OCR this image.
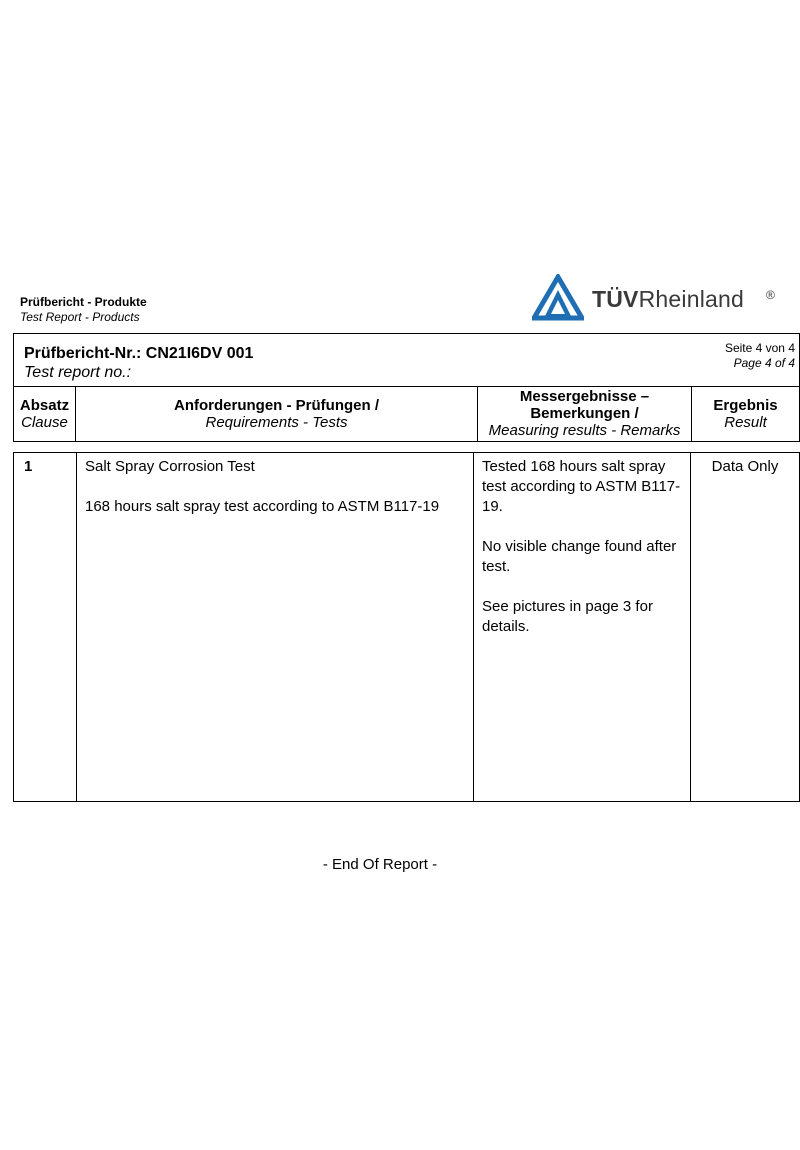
Prüfbericht - Produkte
Test Report - Products
TÜVRheinland ®
Prüfbericht-Nr.: CN21I6DV 001
Test report no.:
Seite 4 von 4
Page 4 of 4
Absatz
Clause
Anforderungen - Prüfungen /
Requirements - Tests
Messergebnisse – Bemerkungen /
Measuring results - Remarks
Ergebnis
Result
1	Salt Spray Corrosion Test

168 hours salt spray test according to ASTM B117-19

Tested 168 hours salt spray test according to ASTM B117-19.

No visible change found after test.

See pictures in page 3 for details.

Data Only
- End Of Report -
